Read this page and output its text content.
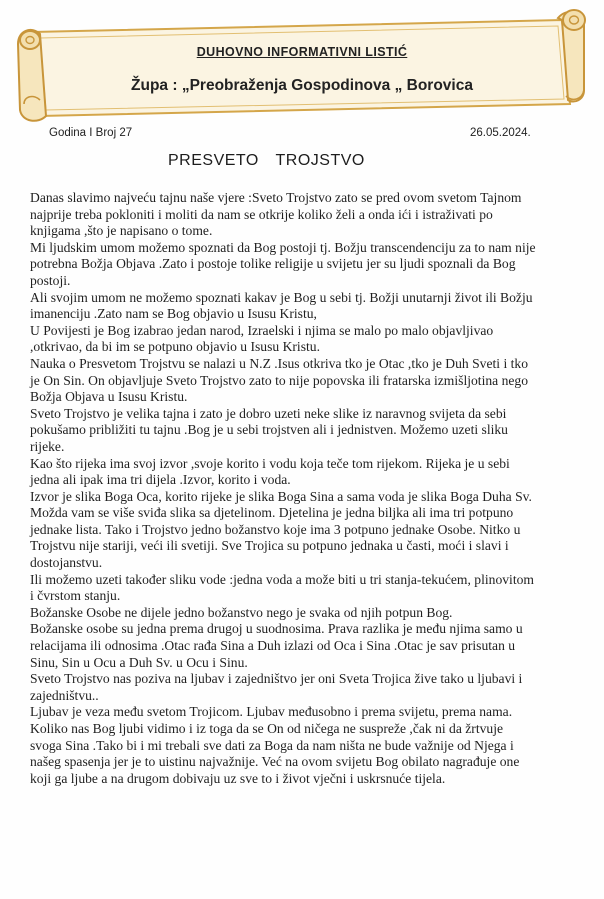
DUHOVNO INFORMATIVNI LISTIĆ
Župa : „Preobraženja Gospodinova „ Borovica
Godina I Broj 27	26.05.2024.
PRESVETO TROJSTVO
Danas slavimo najveću tajnu naše vjere :Sveto Trojstvo zato se pred ovom svetom Tajnom
najprije treba pokloniti i moliti da nam se otkrije koliko želi a onda ići i istraživati po
knjigama ,što je napisano o tome.
Mi ljudskim umom možemo spoznati da Bog postoji tj. Božju transcendenciju za to nam nije
potrebna Božja Objava .Zato i postoje tolike religije u svijetu jer su ljudi spoznali da Bog
postoji.
Ali svojim umom ne možemo spoznati kakav je Bog u sebi tj. Božji unutarnji život ili Božju
imanenciju .Zato nam se Bog objavio u Isusu Kristu,
U Povijesti je Bog izabrao jedan narod, Izraelski i njima se malo po malo objavljivao
,otkrivao, da bi im se potpuno objavio u Isusu Kristu.
Nauka o Presvetom Trojstvu se nalazi u N.Z .Isus otkriva tko je Otac ,tko je Duh Sveti i tko
je On Sin. On objavljuje Sveto Trojstvo zato to nije popovska ili fratarska izmišljotina nego
Božja Objava u Isusu Kristu.
Sveto Trojstvo je velika tajna i zato je dobro uzeti neke slike iz naravnog svijeta da sebi
pokušamo približiti tu tajnu .Bog je u sebi trojstven ali i jednistven. Možemo uzeti sliku
rijeke.
Kao što rijeka ima svoj izvor ,svoje korito i vodu koja teče tom rijekom. Rijeka je u sebi
jedna ali ipak ima tri dijela .Izvor, korito i voda.
Izvor je slika Boga Oca, korito rijeke je slika Boga Sina a sama voda je slika Boga Duha Sv.
Možda vam se više sviđa slika sa djetelinom. Djetelina je jedna biljka ali ima tri potpuno
jednake lista. Tako i Trojstvo jedno božanstvo koje ima 3 potpuno jednake Osobe. Nitko u
Trojstvu nije stariji, veći ili svetiji. Sve Trojica su potpuno jednaka u časti, moći i slavi i
dostojanstvu.
Ili možemo uzeti također sliku vode :jedna voda a može biti u tri stanja-tekućem, plinovitom
i čvrstom stanju.
Božanske Osobe ne dijele jedno božanstvo nego je svaka od njih potpun Bog.
Božanske osobe su jedna prema drugoj u suodnosima. Prava razlika je među njima samo u
relacijama ili odnosima .Otac rađa Sina a Duh izlazi od Oca i Sina .Otac je sav prisutan u
Sinu, Sin u Ocu a Duh Sv. u Ocu i Sinu.
Sveto Trojstvo nas poziva na ljubav i zajedništvo jer oni Sveta Trojica žive tako u ljubavi i
zajedništvu..
Ljubav je veza među svetom Trojicom. Ljubav međusobno i prema svijetu, prema nama.
Koliko nas Bog ljubi vidimo i iz toga da se On od ničega ne susprežе ,čak ni da žrtvuje
svoga Sina .Tako bi i mi trebali sve dati za Boga da nam ništa ne bude važnije od Njega i
našeg spasenja jer je to uistinu najvažnije. Već na ovom svijetu Bog obilato nagrađuje one
koji ga ljube a na drugom dobivaju uz sve to i život vječni i uskrsnuće tijela.
